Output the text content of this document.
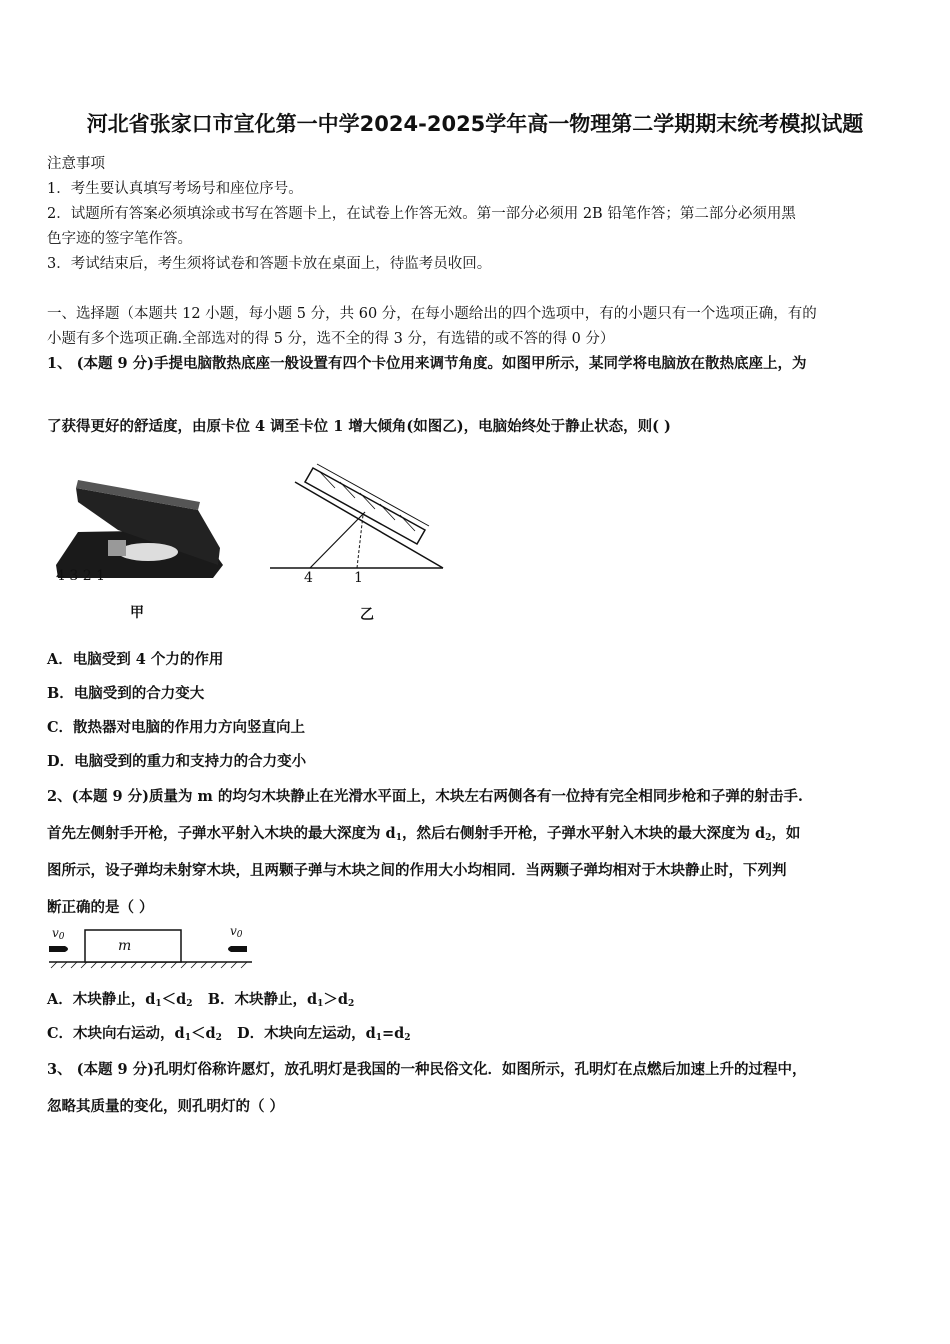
河北省张家口市宣化第一中学2024-2025学年高一物理第二学期期末统考模拟试题
注意事项
1．考生要认真填写考场号和座位序号。
2．试题所有答案必须填涂或书写在答题卡上，在试卷上作答无效。第一部分必须用 2B 铅笔作答；第二部分必须用黑
色字迹的签字笔作答。
3．考试结束后，考生须将试卷和答题卡放在桌面上，待监考员收回。
一、选择题（本题共 12 小题，每小题 5 分，共 60 分，在每小题给出的四个选项中，有的小题只有一个选项正确，有的
小题有多个选项正确.全部选对的得 5 分，选不全的得 3 分，有选错的或不答的得 0 分）
1、 (本题 9 分)手提电脑散热底座一般设置有四个卡位用来调节角度。如图甲所示，某同学将电脑放在散热底座上，为
了获得更好的舒适度，由原卡位 4 调至卡位 1 增大倾角(如图乙)，电脑始终处于静止状态，则( )
4 3 2 1
甲
4	1
乙
A．电脑受到 4 个力的作用
B．电脑受到的合力变大
C．散热器对电脑的作用力方向竖直向上
D．电脑受到的重力和支持力的合力变小
2、(本题 9 分)质量为 m 的均匀木块静止在光滑水平面上，木块左右两侧各有一位持有完全相同步枪和子弹的射击手.
首先左侧射手开枪，子弹水平射入木块的最大深度为 $d_1$，然后右侧射手开枪，子弹水平射入木块的最大深度为 $d_2$，如
图所示，设子弹均未射穿木块，且两颗子弹与木块之间的作用大小均相同．当两颗子弹均相对于木块静止时，下列判
断正确的是（ ）
$v_0$	$v_0$
m
A．木块静止，$d_1<d_2$ B．木块静止，$d_1>d_2$
C．木块向右运动，$d_1<d_2$ D．木块向左运动，$d_1=d_2$
3、 (本题 9 分)孔明灯俗称许愿灯，放孔明灯是我国的一种民俗文化．如图所示，孔明灯在点燃后加速上升的过程中，
忽略其质量的变化，则孔明灯的（ ）
